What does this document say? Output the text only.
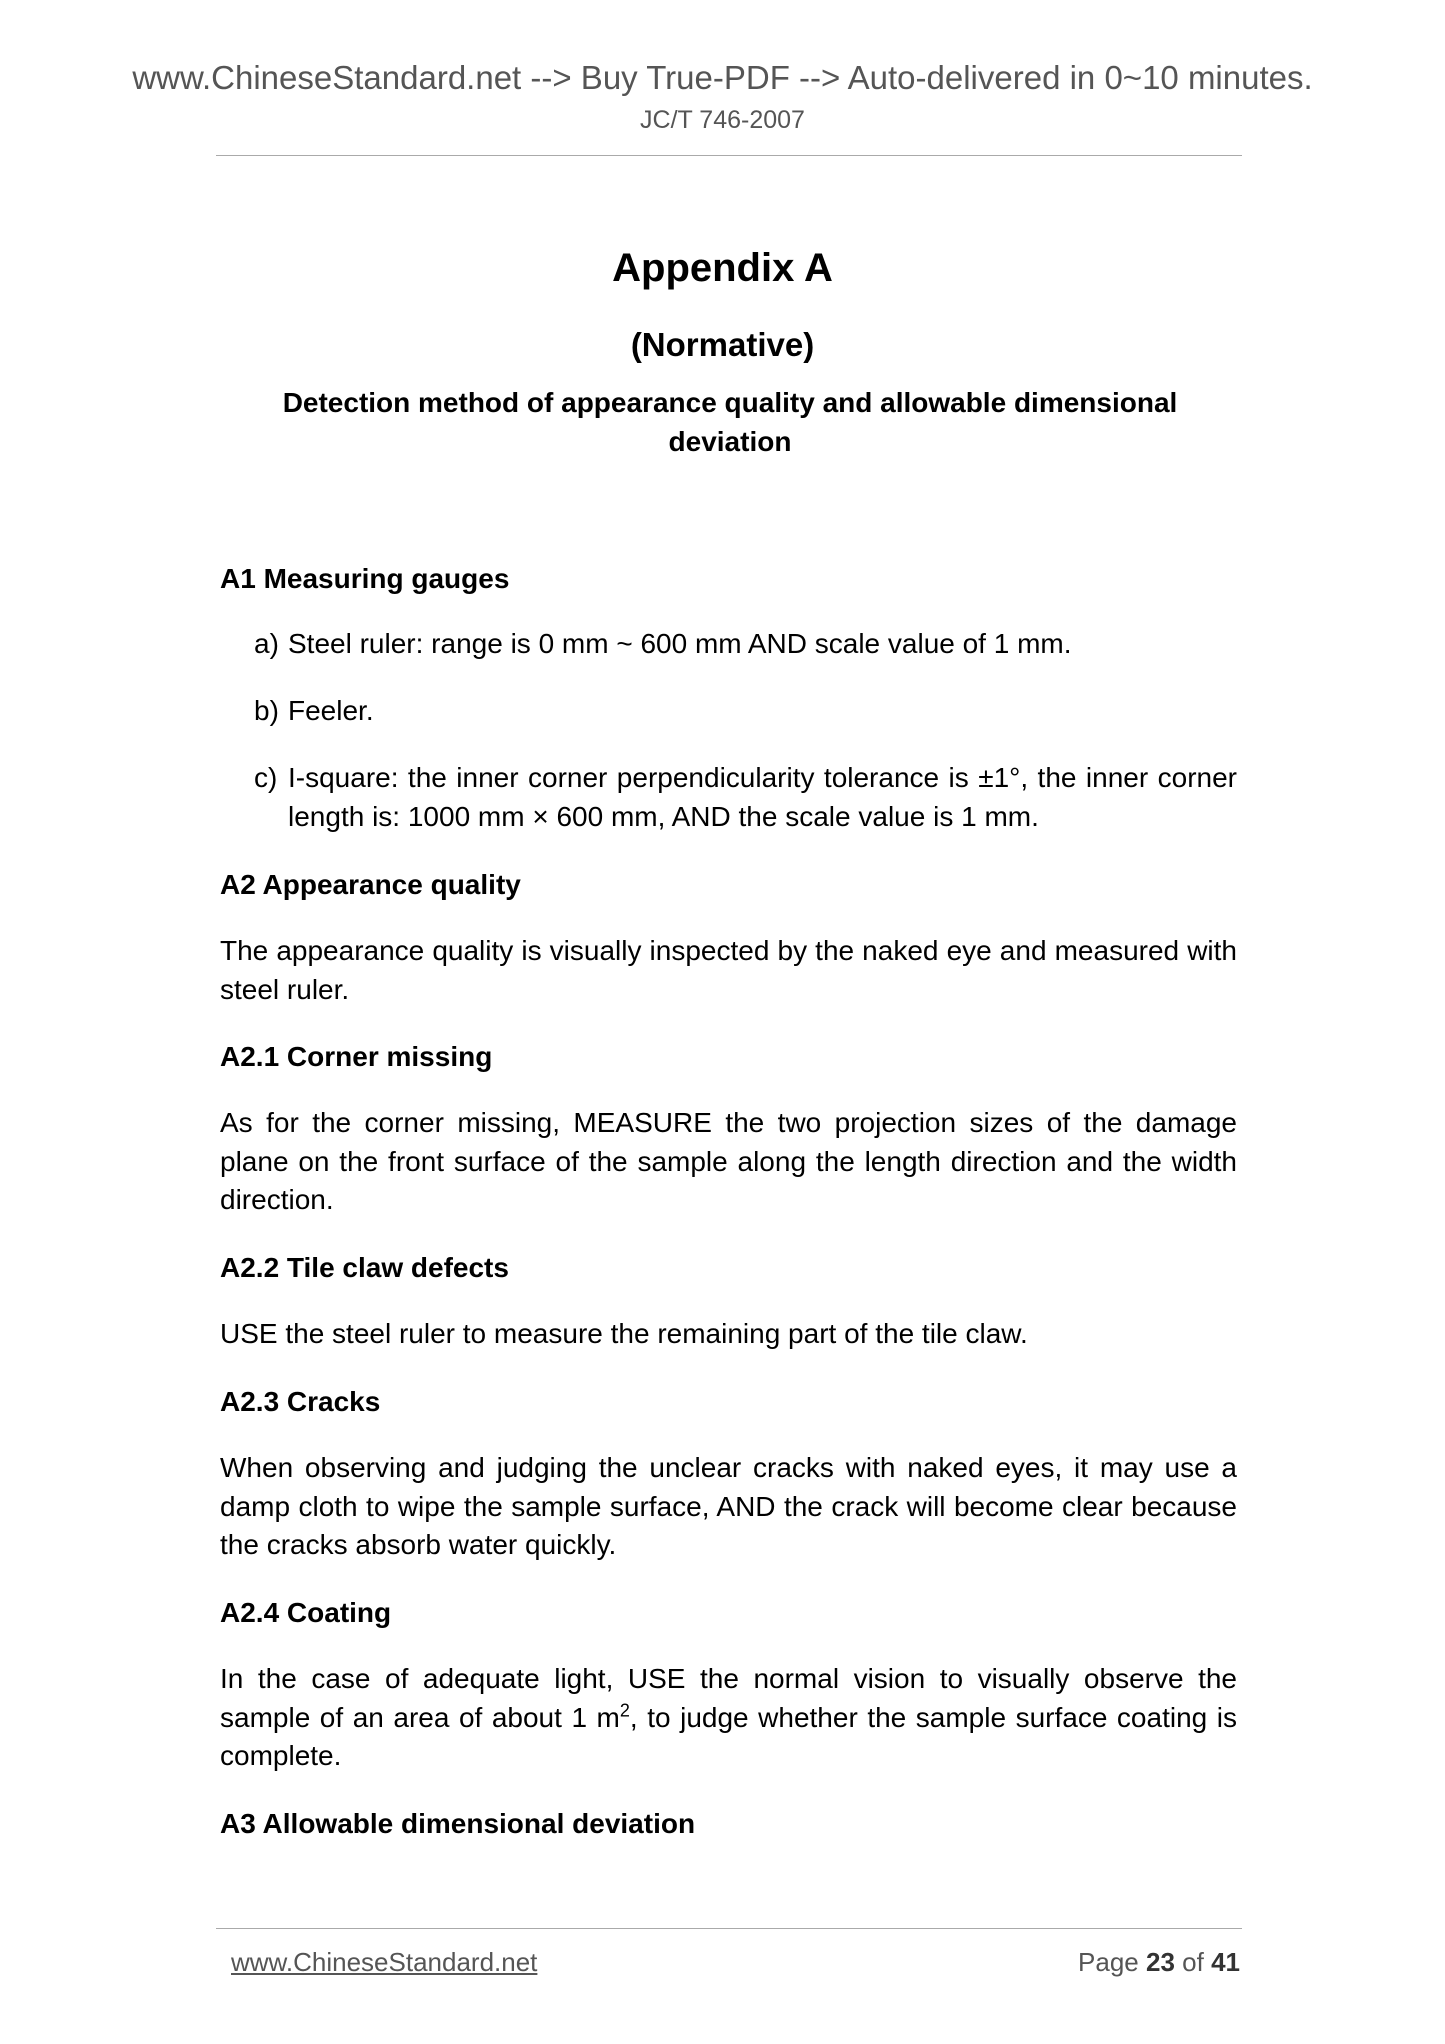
www.ChineseStandard.net --> Buy True-PDF --> Auto-delivered in 0~10 minutes.
JC/T 746-2007
Appendix A
(Normative)
Detection method of appearance quality and allowable dimensional deviation
A1 Measuring gauges
a) Steel ruler: range is 0 mm ~ 600 mm AND scale value of 1 mm.
b) Feeler.
c) I-square: the inner corner perpendicularity tolerance is ±1°, the inner corner length is: 1000 mm × 600 mm, AND the scale value is 1 mm.
A2 Appearance quality
The appearance quality is visually inspected by the naked eye and measured with steel ruler.
A2.1 Corner missing
As for the corner missing, MEASURE the two projection sizes of the damage plane on the front surface of the sample along the length direction and the width direction.
A2.2 Tile claw defects
USE the steel ruler to measure the remaining part of the tile claw.
A2.3 Cracks
When observing and judging the unclear cracks with naked eyes, it may use a damp cloth to wipe the sample surface, AND the crack will become clear because the cracks absorb water quickly.
A2.4 Coating
In the case of adequate light, USE the normal vision to visually observe the sample of an area of about 1 $m^2$, to judge whether the sample surface coating is complete.
A3 Allowable dimensional deviation
www.ChineseStandard.net	Page 23 of 41
